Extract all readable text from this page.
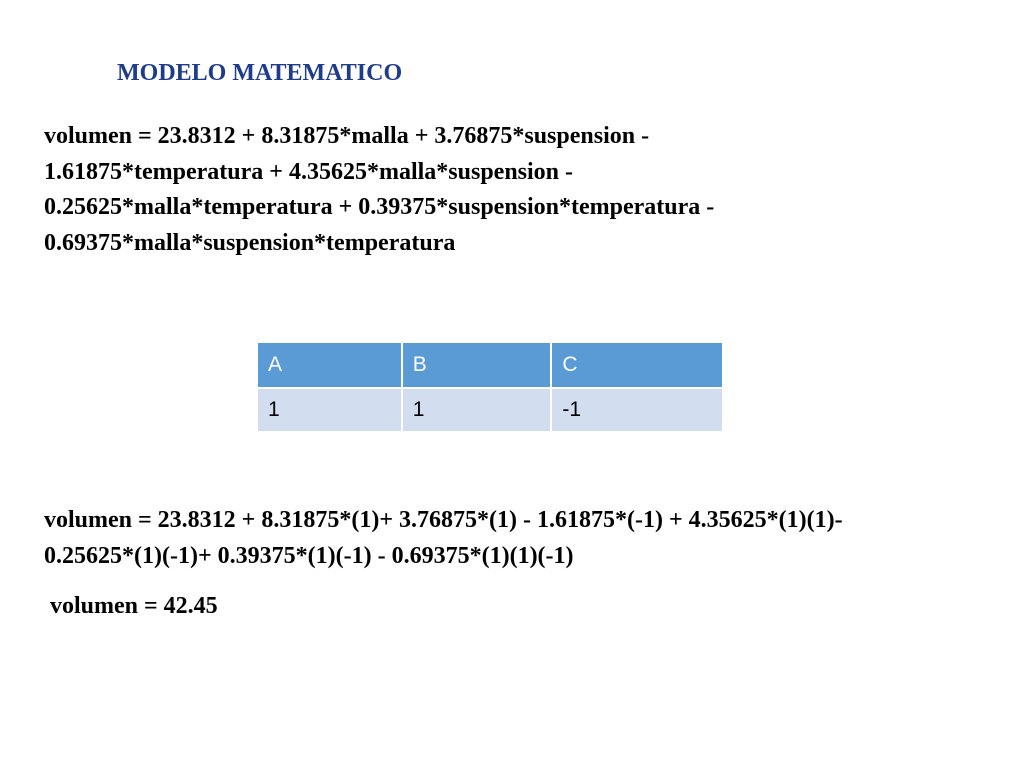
MODELO MATEMATICO
volumen = 23.8312 + 8.31875*malla + 3.76875*suspension -
1.61875*temperatura + 4.35625*malla*suspension -
0.25625*malla*temperatura + 0.39375*suspension*temperatura -
0.69375*malla*suspension*temperatura
A	B	C
1	1	-1
volumen = 23.8312 + 8.31875*(1)+ 3.76875*(1) - 1.61875*(-1) + 4.35625*(1)(1)-
0.25625*(1)(-1)+ 0.39375*(1)(-1) - 0.69375*(1)(1)(-1)
volumen = 42.45
